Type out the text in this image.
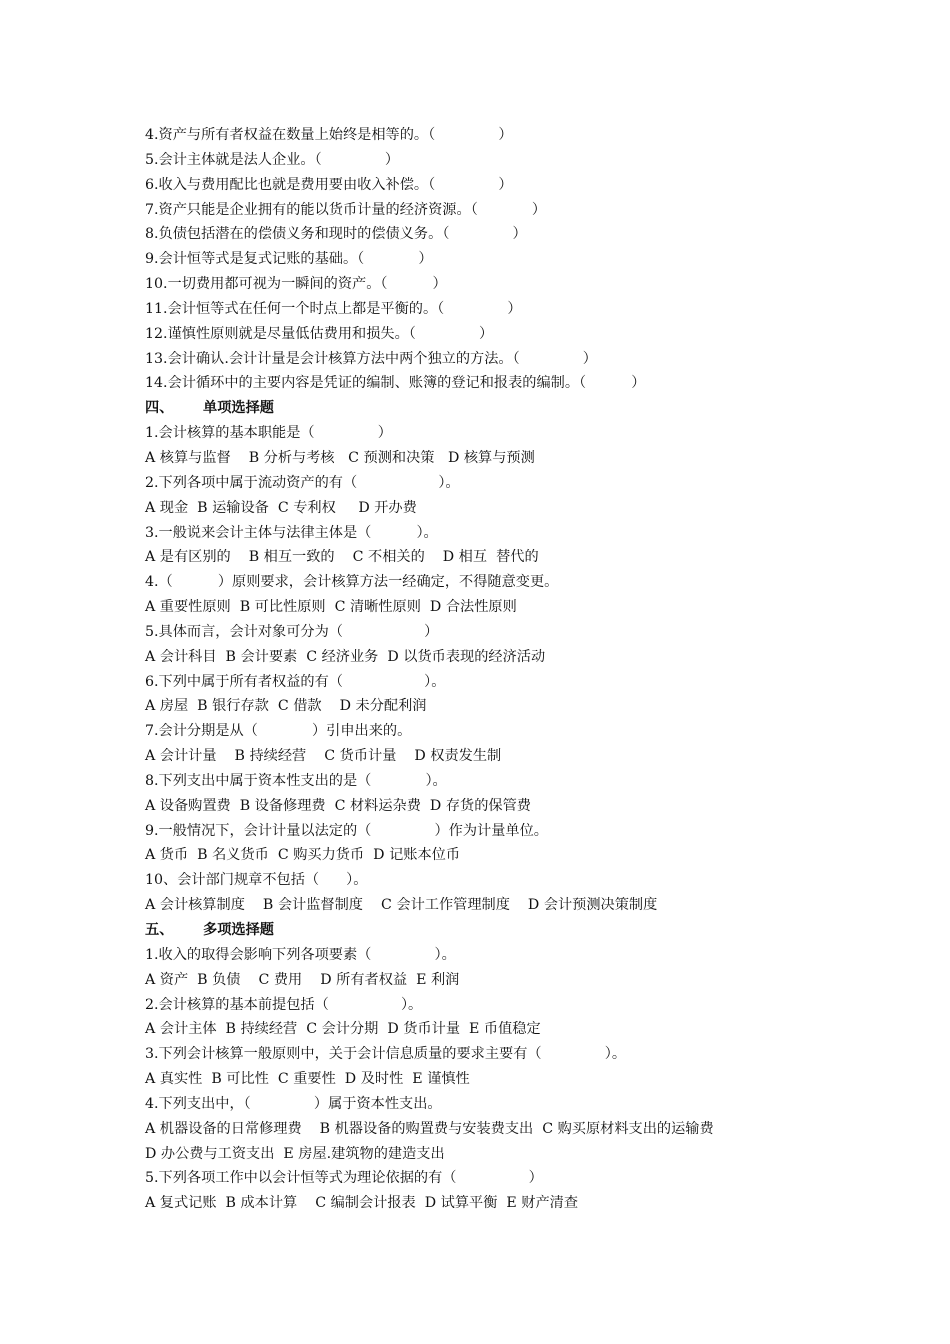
4.资产与所有者权益在数量上始终是相等的。（              ）
5.会计主体就是法人企业。（              ）
6.收入与费用配比也就是费用要由收入补偿。（              ）
7.资产只能是企业拥有的能以货币计量的经济资源。（            ）
8.负债包括潜在的偿债义务和现时的偿债义务。（              ）
9.会计恒等式是复式记账的基础。（            ）
10.一切费用都可视为一瞬间的资产。（          ）
11.会计恒等式在任何一个时点上都是平衡的。（              ）
12.谨慎性原则就是尽量低估费用和损失。（              ）
13.会计确认.会计计量是会计核算方法中两个独立的方法。（              ）
14.会计循环中的主要内容是凭证的编制、账簿的登记和报表的编制。（          ）
四、      单项选择题
1.会计核算的基本职能是（              ）
A 核算与监督    B 分析与考核   C 预测和决策   D 核算与预测
2.下列各项中属于流动资产的有（                  ）。
A 现金  B 运输设备  C 专利权     D 开办费
3.一般说来会计主体与法律主体是（          ）。
A 是有区别的    B 相互一致的    C 不相关的    D 相互  替代的
4.（          ）原则要求，会计核算方法一经确定，不得随意变更。
A 重要性原则  B 可比性原则  C 清晰性原则  D 合法性原则
5.具体而言，会计对象可分为（                  ）
A 会计科目  B 会计要素  C 经济业务  D 以货币表现的经济活动
6.下列中属于所有者权益的有（                  ）。
A 房屋  B 银行存款  C 借款    D 未分配利润
7.会计分期是从（            ）引申出来的。
A 会计计量    B 持续经营    C 货币计量    D 权责发生制
8.下列支出中属于资本性支出的是（            ）。
A 设备购置费  B 设备修理费  C 材料运杂费  D 存货的保管费
9.一般情况下，会计计量以法定的（              ）作为计量单位。
A 货币  B 名义货币  C 购买力货币  D 记账本位币
10、会计部门规章不包括（      ）。
A 会计核算制度    B 会计监督制度    C 会计工作管理制度    D 会计预测决策制度
五、      多项选择题
1.收入的取得会影响下列各项要素（              ）。
A 资产  B 负债    C 费用    D 所有者权益  E 利润
2.会计核算的基本前提包括（                ）。
A 会计主体  B 持续经营  C 会计分期  D 货币计量  E 币值稳定
3.下列会计核算一般原则中，关于会计信息质量的要求主要有（              ）。
A 真实性  B 可比性  C 重要性  D 及时性  E 谨慎性
4.下列支出中，（              ）属于资本性支出。
A 机器设备的日常修理费    B 机器设备的购置费与安装费支出  C 购买原材料支出的运输费
D 办公费与工资支出  E 房屋.建筑物的建造支出
5.下列各项工作中以会计恒等式为理论依据的有（                ）
A 复式记账  B 成本计算    C 编制会计报表  D 试算平衡  E 财产清查
